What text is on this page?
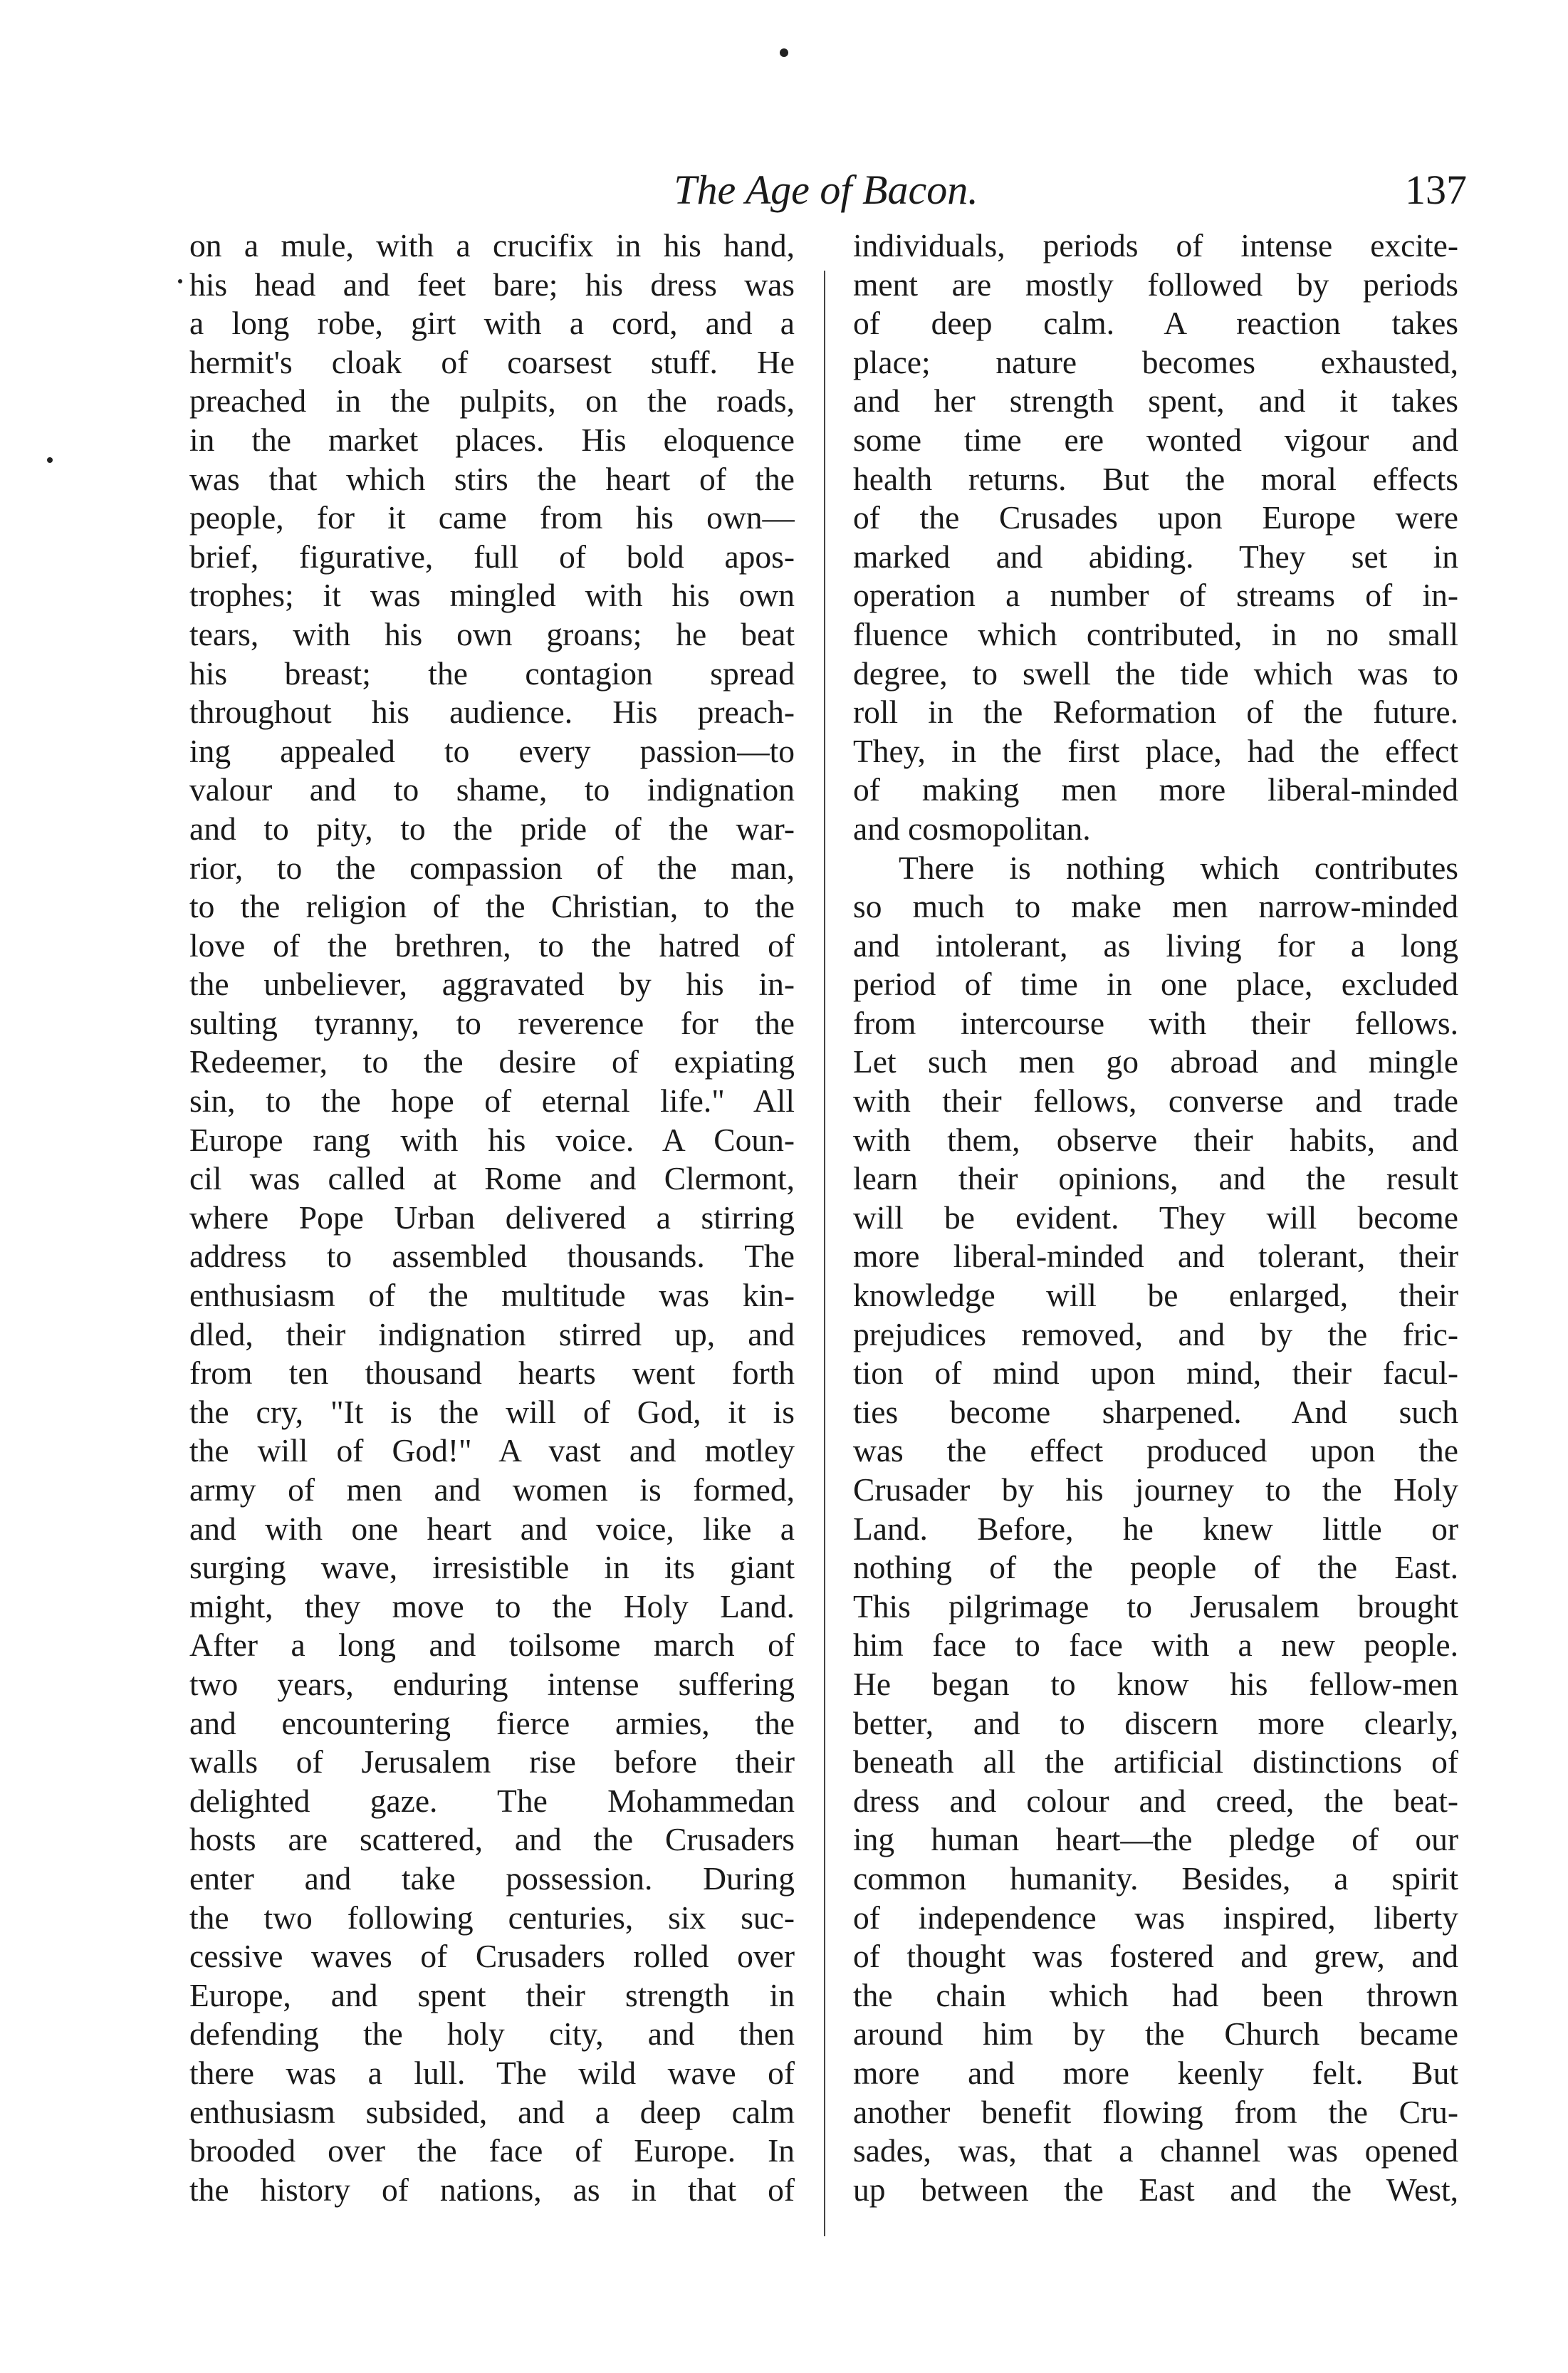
The Age of Bacon.	137
on a mule, with a crucifix in his hand,
his head and feet bare; his dress was
a long robe, girt with a cord, and a
hermit's cloak of coarsest stuff. He
preached in the pulpits, on the roads,
in the market places. His eloquence
was that which stirs the heart of the
people, for it came from his own—
brief, figurative, full of bold apos-
trophes; it was mingled with his own
tears, with his own groans; he beat
his breast; the contagion spread
throughout his audience. His preach-
ing appealed to every passion—to
valour and to shame, to indignation
and to pity, to the pride of the war-
rior, to the compassion of the man,
to the religion of the Christian, to the
love of the brethren, to the hatred of
the unbeliever, aggravated by his in-
sulting tyranny, to reverence for the
Redeemer, to the desire of expiating
sin, to the hope of eternal life." All
Europe rang with his voice. A Coun-
cil was called at Rome and Clermont,
where Pope Urban delivered a stirring
address to assembled thousands. The
enthusiasm of the multitude was kin-
dled, their indignation stirred up, and
from ten thousand hearts went forth
the cry, "It is the will of God, it is
the will of God!" A vast and motley
army of men and women is formed,
and with one heart and voice, like a
surging wave, irresistible in its giant
might, they move to the Holy Land.
After a long and toilsome march of
two years, enduring intense suffering
and encountering fierce armies, the
walls of Jerusalem rise before their
delighted gaze. The Mohammedan
hosts are scattered, and the Crusaders
enter and take possession. During
the two following centuries, six suc-
cessive waves of Crusaders rolled over
Europe, and spent their strength in
defending the holy city, and then
there was a lull. The wild wave of
enthusiasm subsided, and a deep calm
brooded over the face of Europe. In
the history of nations, as in that of
individuals, periods of intense excite-
ment are mostly followed by periods
of deep calm. A reaction takes
place; nature becomes exhausted,
and her strength spent, and it takes
some time ere wonted vigour and
health returns. But the moral effects
of the Crusades upon Europe were
marked and abiding. They set in
operation a number of streams of in-
fluence which contributed, in no small
degree, to swell the tide which was to
roll in the Reformation of the future.
They, in the first place, had the effect
of making men more liberal-minded
and cosmopolitan.
There is nothing which contributes
so much to make men narrow-minded
and intolerant, as living for a long
period of time in one place, excluded
from intercourse with their fellows.
Let such men go abroad and mingle
with their fellows, converse and trade
with them, observe their habits, and
learn their opinions, and the result
will be evident. They will become
more liberal-minded and tolerant, their
knowledge will be enlarged, their
prejudices removed, and by the fric-
tion of mind upon mind, their facul-
ties become sharpened. And such
was the effect produced upon the
Crusader by his journey to the Holy
Land. Before, he knew little or
nothing of the people of the East.
This pilgrimage to Jerusalem brought
him face to face with a new people.
He began to know his fellow-men
better, and to discern more clearly,
beneath all the artificial distinctions of
dress and colour and creed, the beat-
ing human heart—the pledge of our
common humanity. Besides, a spirit
of independence was inspired, liberty
of thought was fostered and grew, and
the chain which had been thrown
around him by the Church became
more and more keenly felt. But
another benefit flowing from the Cru-
sades, was, that a channel was opened
up between the East and the West,
